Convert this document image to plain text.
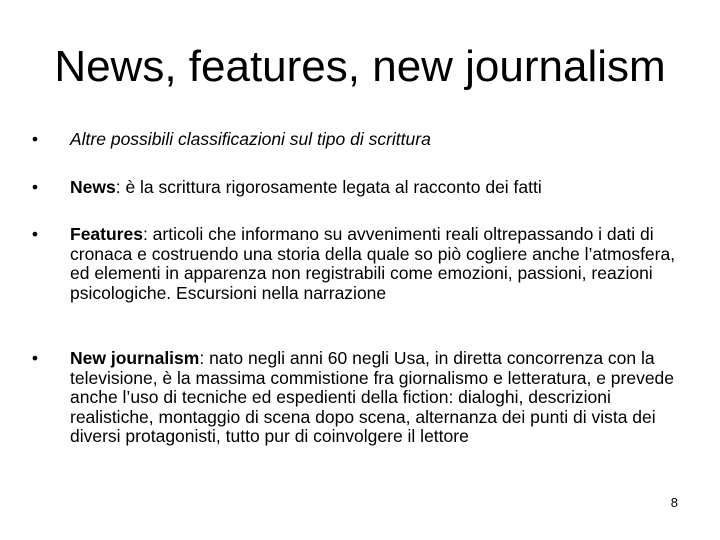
News, features, new journalism
• Altre possibili classificazioni sul tipo di scrittura
• News: è la scrittura rigorosamente legata al racconto dei fatti
• Features: articoli che informano su avvenimenti reali oltrepassando i dati di cronaca e costruendo una storia della quale so piò cogliere anche l’atmosfera, ed elementi in apparenza non registrabili come emozioni, passioni, reazioni psicologiche. Escursioni nella narrazione
• New journalism: nato negli anni 60 negli Usa, in diretta concorrenza con la televisione, è la massima commistione fra giornalismo e letteratura, e prevede anche l’uso di tecniche ed espedienti della fiction: dialoghi, descrizioni realistiche, montaggio di scena dopo scena, alternanza dei punti di vista dei diversi protagonisti, tutto pur di coinvolgere il lettore
8
